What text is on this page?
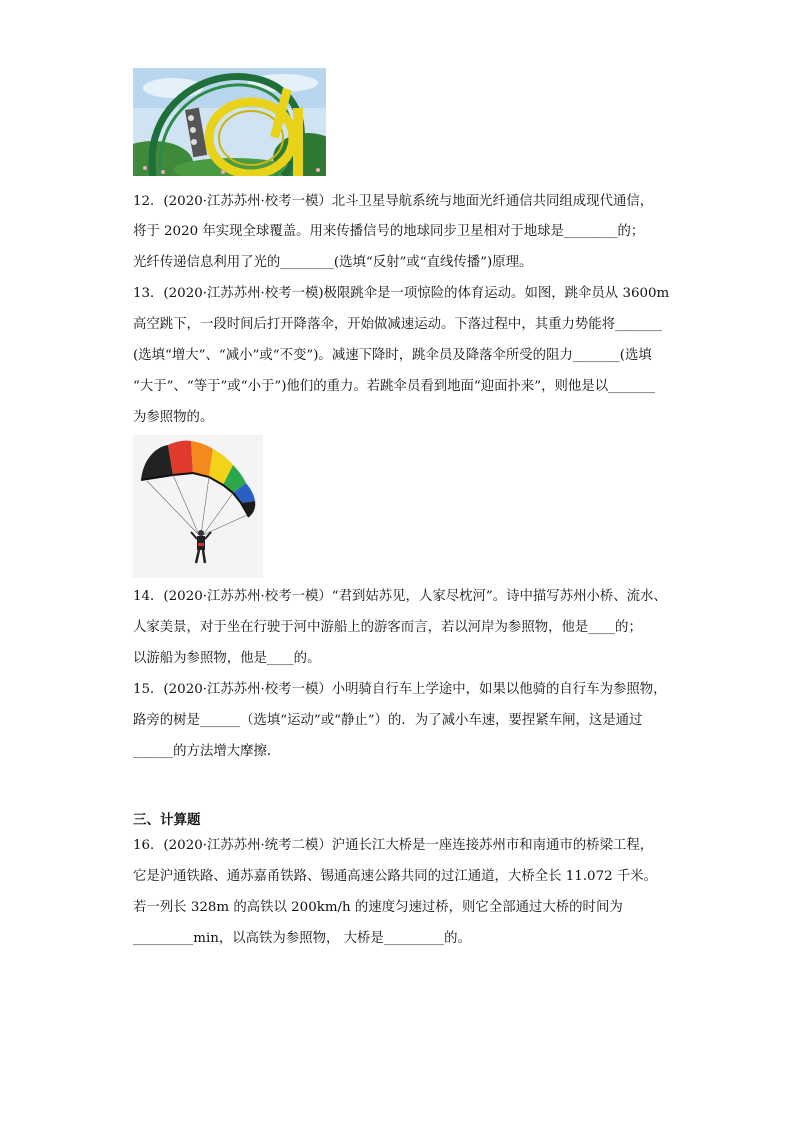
12．(2020·江苏苏州·校考一模）北斗卫星导航系统与地面光纤通信共同组成现代通信，
将于 2020 年实现全球覆盖。用来传播信号的地球同步卫星相对于地球是________的；
光纤传递信息利用了光的________(选填“反射”或“直线传播”)原理。
13．(2020·江苏苏州·校考一模)极限跳伞是一项惊险的体育运动。如图，跳伞员从 3600m
高空跳下，一段时间后打开降落伞，开始做减速运动。下落过程中，其重力势能将_______
(选填“增大”、“减小”或“不变”)。减速下降时，跳伞员及降落伞所受的阻力_______(选填
“大于”、“等于”或“小于”)他们的重力。若跳伞员看到地面“迎面扑来”，则他是以_______
为参照物的。
14．(2020·江苏苏州·校考一模）“君到姑苏见，人家尽枕河”。诗中描写苏州小桥、流水、
人家美景，对于坐在行驶于河中游船上的游客而言，若以河岸为参照物，他是____的；
以游船为参照物，他是____的。
15．(2020·江苏苏州·校考一模）小明骑自行车上学途中，如果以他骑的自行车为参照物，
路旁的树是______（选填“运动”或“静止”）的．为了减小车速，要捏紧车闸，这是通过
______的方法增大摩擦．
三、计算题
16．(2020·江苏苏州·统考二模）沪通长江大桥是一座连接苏州市和南通市的桥梁工程，
它是沪通铁路、通苏嘉甬铁路、锡通高速公路共同的过江通道，大桥全长 11.072 千米。
若一列长 328m 的高铁以 200km/h 的速度匀速过桥，则它全部通过大桥的时间为
_________min，以高铁为参照物， 大桥是_________的。
